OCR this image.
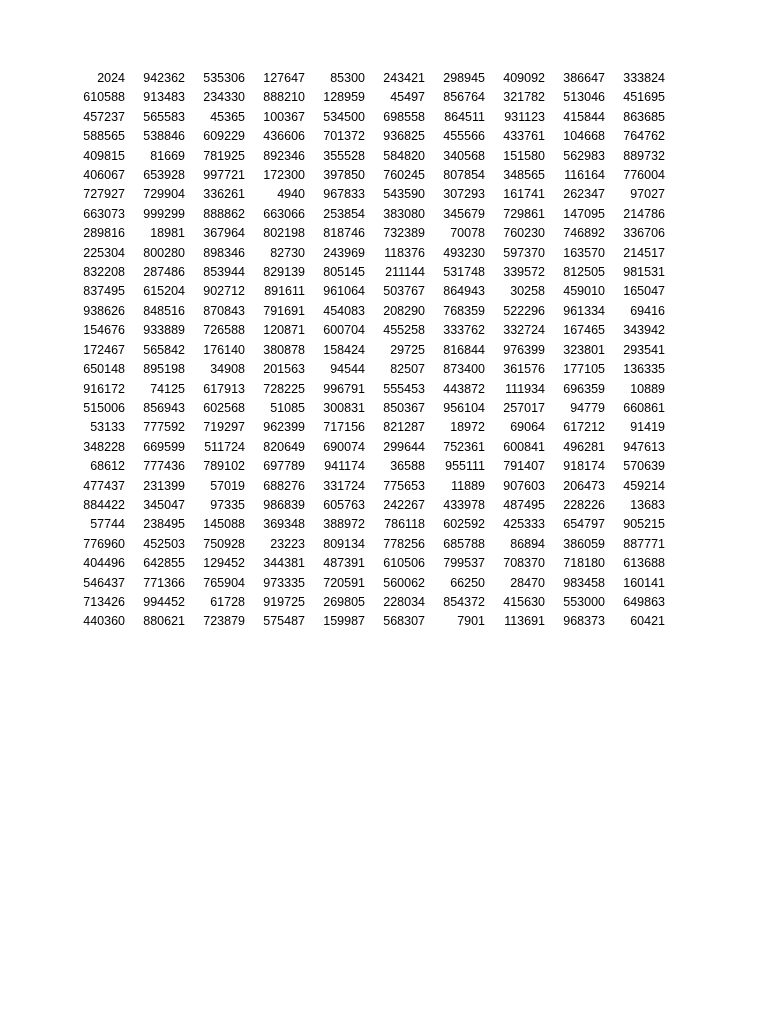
2024	942362	535306	127647	85300	243421	298945	409092	386647	333824
610588	913483	234330	888210	128959	45497	856764	321782	513046	451695
457237	565583	45365	100367	534500	698558	864511	931123	415844	863685
588565	538846	609229	436606	701372	936825	455566	433761	104668	764762
409815	81669	781925	892346	355528	584820	340568	151580	562983	889732
406067	653928	997721	172300	397850	760245	807854	348565	116164	776004
727927	729904	336261	4940	967833	543590	307293	161741	262347	97027
663073	999299	888862	663066	253854	383080	345679	729861	147095	214786
289816	18981	367964	802198	818746	732389	70078	760230	746892	336706
225304	800280	898346	82730	243969	118376	493230	597370	163570	214517
832208	287486	853944	829139	805145	211144	531748	339572	812505	981531
837495	615204	902712	891611	961064	503767	864943	30258	459010	165047
938626	848516	870843	791691	454083	208290	768359	522296	961334	69416
154676	933889	726588	120871	600704	455258	333762	332724	167465	343942
172467	565842	176140	380878	158424	29725	816844	976399	323801	293541
650148	895198	34908	201563	94544	82507	873400	361576	177105	136335
916172	74125	617913	728225	996791	555453	443872	111934	696359	10889
515006	856943	602568	51085	300831	850367	956104	257017	94779	660861
53133	777592	719297	962399	717156	821287	18972	69064	617212	91419
348228	669599	511724	820649	690074	299644	752361	600841	496281	947613
68612	777436	789102	697789	941174	36588	955111	791407	918174	570639
477437	231399	57019	688276	331724	775653	11889	907603	206473	459214
884422	345047	97335	986839	605763	242267	433978	487495	228226	13683
57744	238495	145088	369348	388972	786118	602592	425333	654797	905215
776960	452503	750928	23223	809134	778256	685788	86894	386059	887771
404496	642855	129452	344381	487391	610506	799537	708370	718180	613688
546437	771366	765904	973335	720591	560062	66250	28470	983458	160141
713426	994452	61728	919725	269805	228034	854372	415630	553000	649863
440360	880621	723879	575487	159987	568307	7901	113691	968373	60421
